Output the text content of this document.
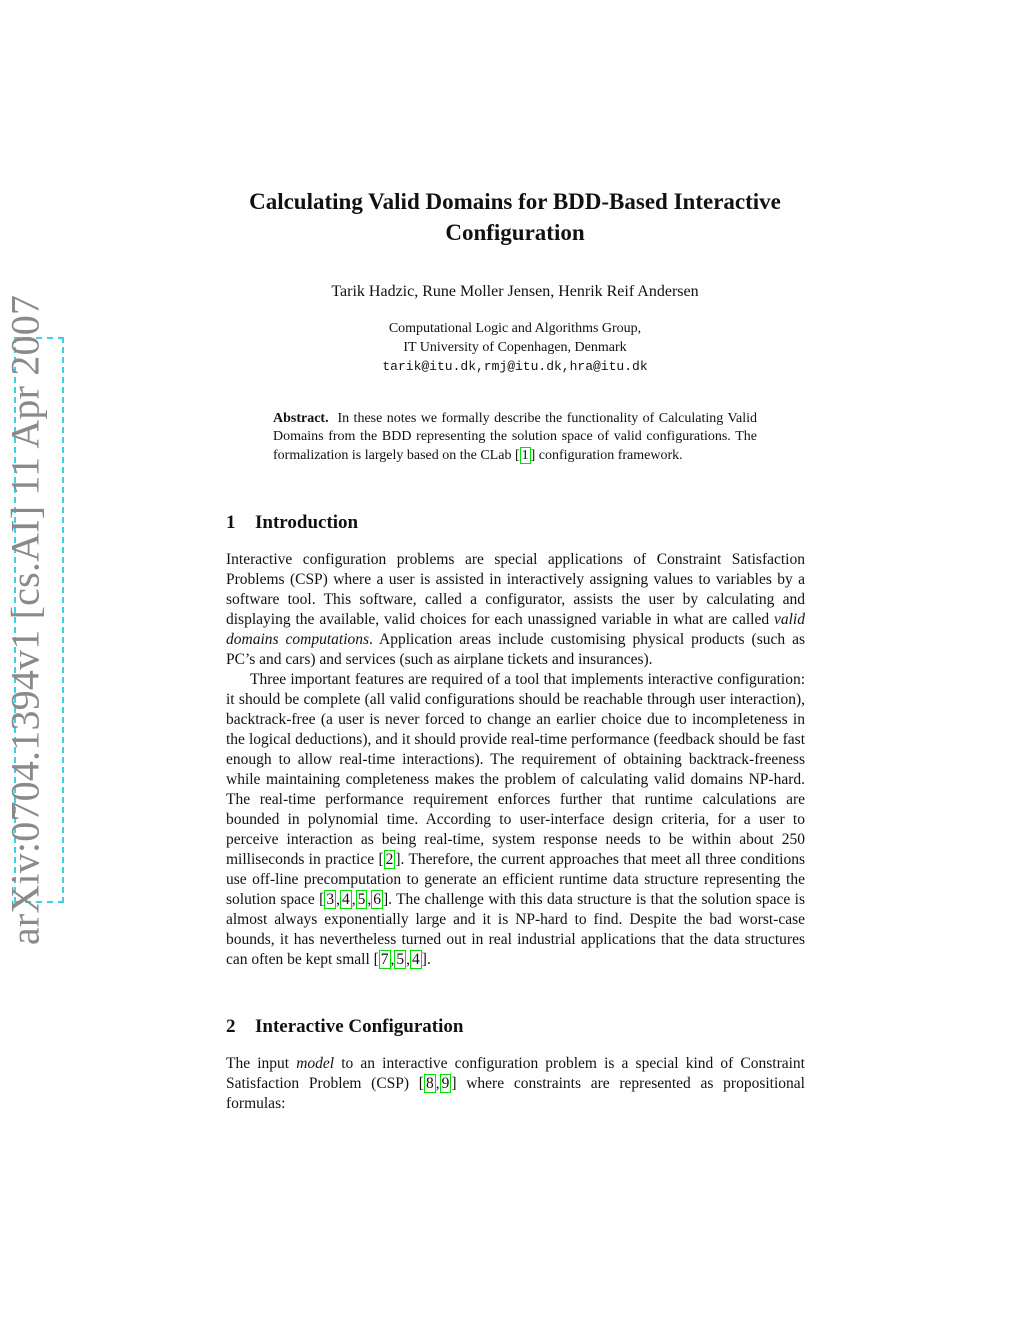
arXiv:0704.1394v1 [cs.AI] 11 Apr 2007
Calculating Valid Domains for BDD-Based Interactive
Configuration
Tarik Hadzic, Rune Moller Jensen, Henrik Reif Andersen
Computational Logic and Algorithms Group,
IT University of Copenhagen, Denmark
tarik@itu.dk,rmj@itu.dk,hra@itu.dk
Abstract. In these notes we formally describe the functionality of Calculating Valid Domains from the BDD representing the solution space of valid configurations. The formalization is largely based on the CLab [ 1 ] configuration framework.
1 Introduction

Interactive configuration problems are special applications of Constraint Satisfaction Problems (CSP) where a user is assisted in interactively assigning values to variables by a software tool. This software, called a configurator, assists the user by calculating and displaying the available, valid choices for each unassigned variable in what are called valid domains computations. Application areas include customising physical products (such as PC’s and cars) and services (such as airplane tickets and insurances).

Three important features are required of a tool that implements interactive configuration: it should be complete (all valid configurations should be reachable through user interaction), backtrack-free (a user is never forced to change an earlier choice due to incompleteness in the logical deductions), and it should provide real-time performance (feedback should be fast enough to allow real-time interactions). The requirement of obtaining backtrack-freeness while maintaining completeness makes the problem of calculating valid domains NP-hard. The real-time performance requirement enforces further that runtime calculations are bounded in polynomial time. According to user-interface design criteria, for a user to perceive interaction as being real-time, system response needs to be within about 250 milliseconds in practice [ 2 ]. Therefore, the current approaches that meet all three conditions use off-line precomputation to generate an efficient runtime data structure representing the solution space [ 3 , 4 , 5 , 6 ]. The challenge with this data structure is that the solution space is almost always exponentially large and it is NP-hard to find. Despite the bad worst-case bounds, it has nevertheless turned out in real industrial applications that the data structures can often be kept small [ 7 , 5 , 4 ].

2 Interactive Configuration

The input model to an interactive configuration problem is a special kind of Constraint Satisfaction Problem (CSP) [ 8 , 9 ] where constraints are represented as propositional formulas:
